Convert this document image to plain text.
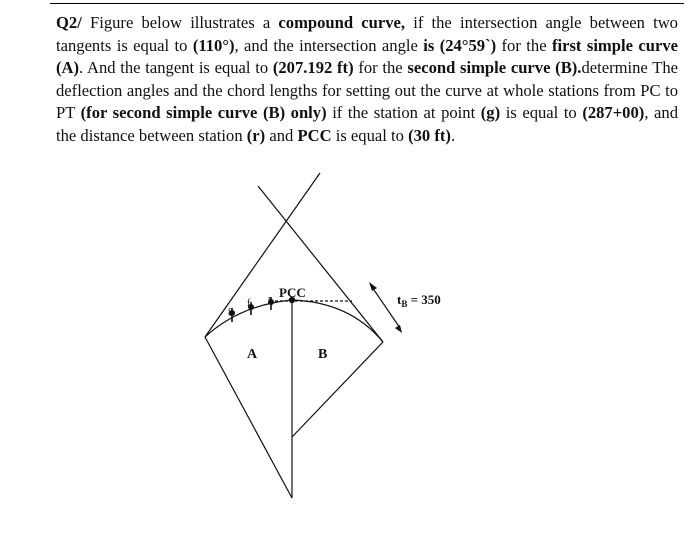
Q2/ Figure below illustrates a compound curve, if the intersection angle between two tangents is equal to (110°), and the intersection angle is (24°59`) for the first simple curve (A). And the tangent is equal to (207.192 ft) for the second simple curve (B).determine The deflection angles and the chord lengths for setting out the curve at whole stations from PC to PT (for second simple curve (B) only) if the station at point (g) is equal to (287+00), and the distance between station (r) and PCC is equal to (30 ft).

g
f r PCC
A	B
$t_B = 350$
